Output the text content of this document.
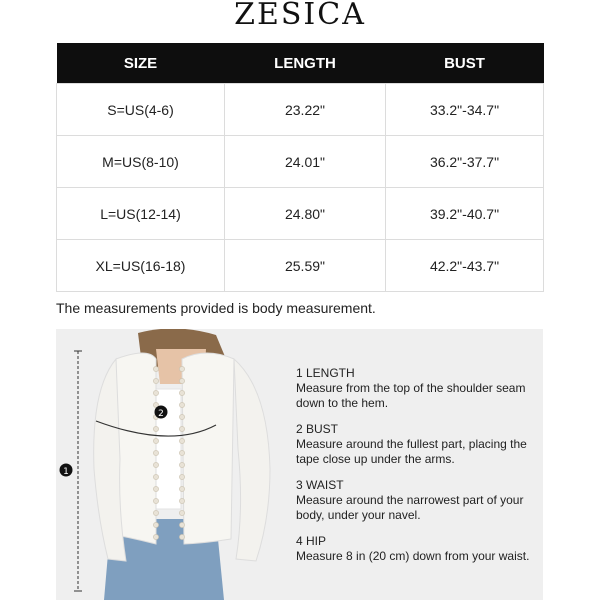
ZESICA
SIZE	LENGTH	BUST
S=US(4-6)	23.22"	33.2"-34.7"
M=US(8-10)	24.01"	36.2"-37.7"
L=US(12-14)	24.80"	39.2"-40.7"
XL=US(16-18)	25.59"	42.2"-43.7"
The measurements provided is body measurement.
1
2
1 LENGTH
Measure from the top of the shoulder seam down to the hem.
2 BUST
Measure around the fullest part, placing the tape close up under the arms.
3 WAIST
Measure around the narrowest part of your body, under your navel.
4 HIP
Measure 8 in (20 cm) down from your waist.
